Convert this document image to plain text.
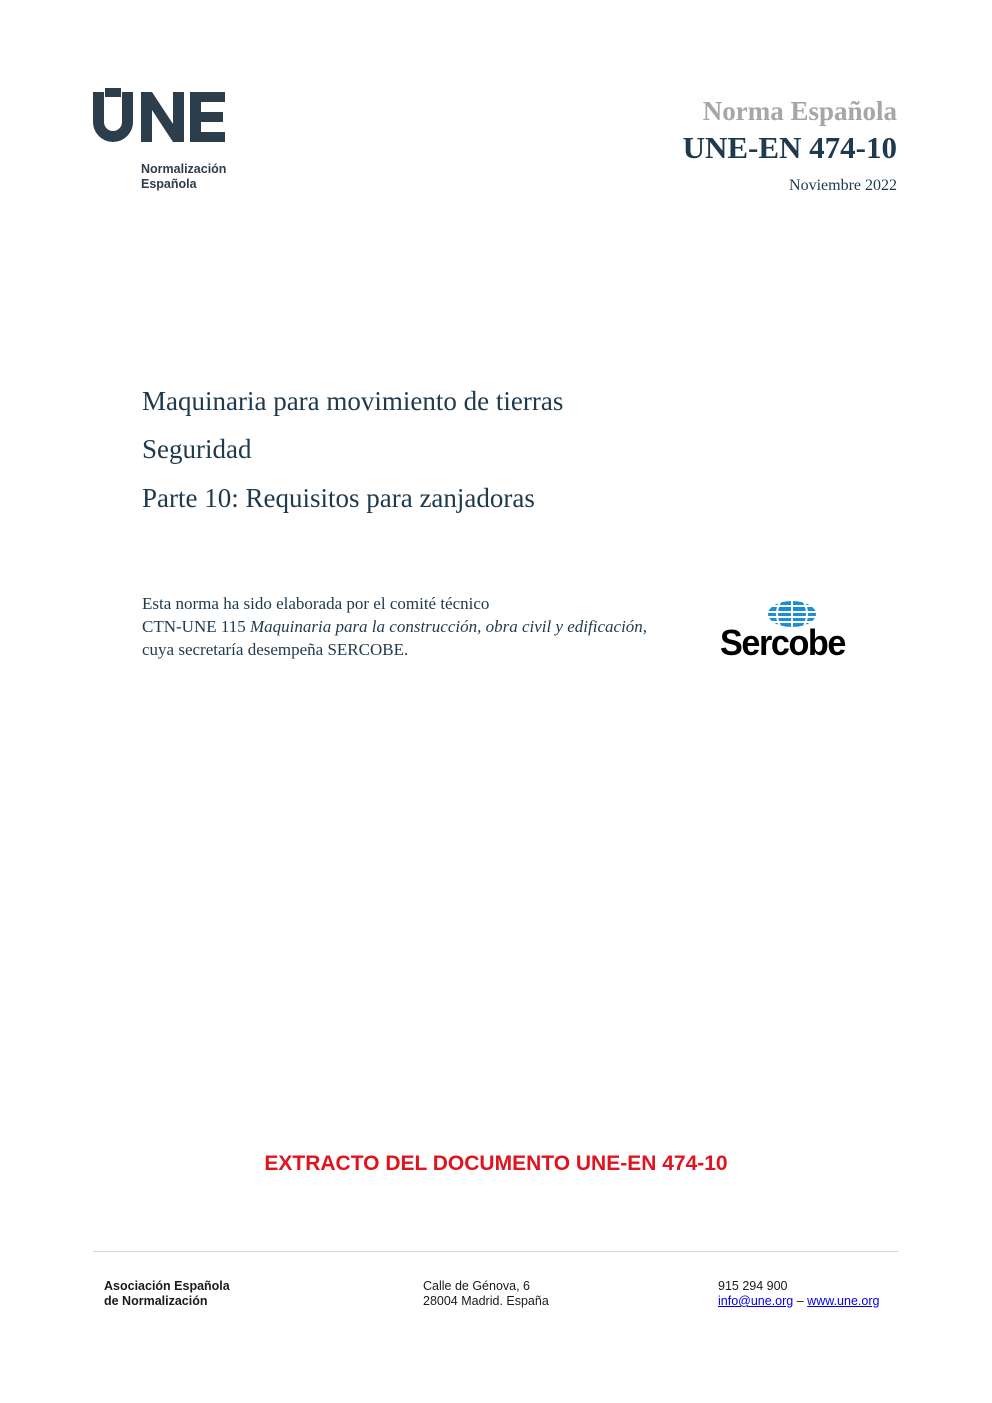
Normalización
Española
Norma Española
UNE-EN 474-10
Noviembre 2022
Maquinaria para movimiento de tierras
Seguridad
Parte 10: Requisitos para zanjadoras
Esta norma ha sido elaborada por el comité técnico
CTN-UNE 115 Maquinaria para la construcción, obra civil y edificación, cuya secretaría desempeña SERCOBE.	Sercobe
EXTRACTO DEL DOCUMENTO UNE-EN 474-10
Asociación Española
de Normalización
Calle de Génova, 6
28004 Madrid. España
915 294 900
info@une.org – www.une.org
